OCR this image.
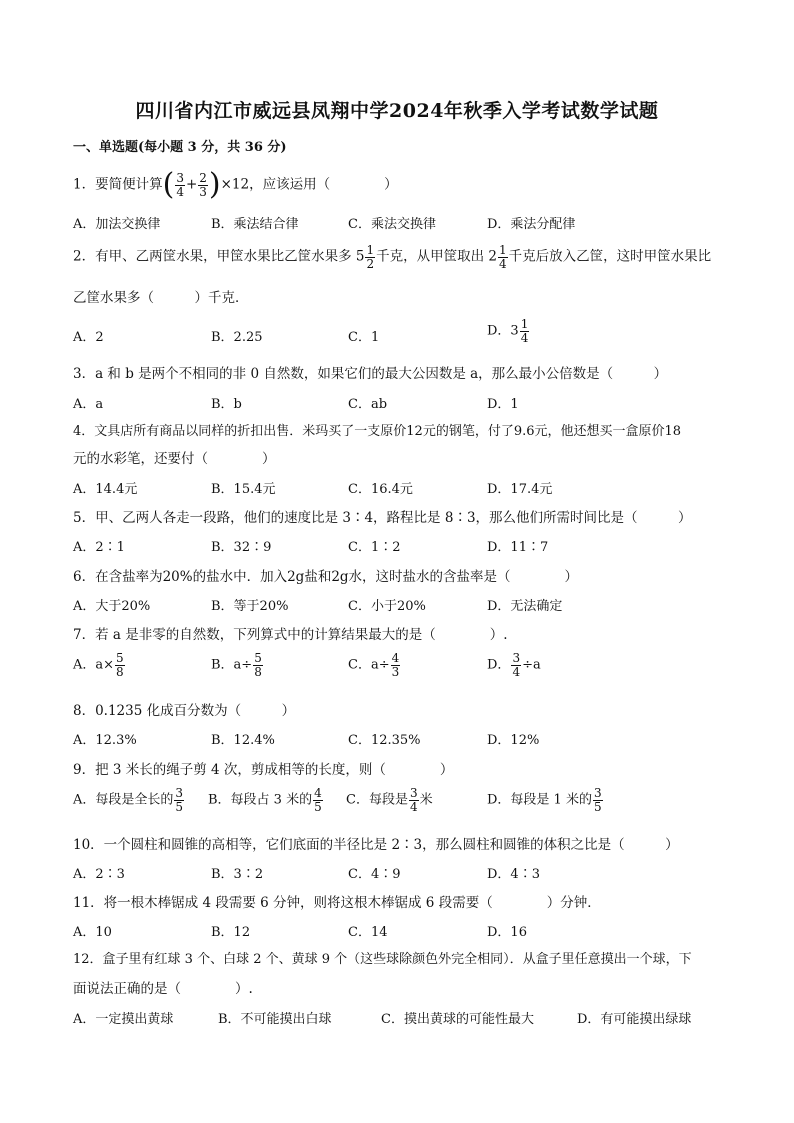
四川省内江市威远县凤翔中学2024年秋季入学考试数学试题
一、单选题(每小题 3 分，共 36 分)
1．要简便计算( $\frac{3}{4} + \frac{2}{3} )\times 12$，应该运用（　　　　）
A．加法交换律	B．乘法结合律	C．乘法交换律	D．乘法分配律
2．有甲、乙两筐水果，甲筐水果比乙筐水果多 $5 \frac{1}{2}$ 千克，从甲筐取出 $2 \frac{1}{4}$ 千克后放入乙筐，这时甲筐水果比
乙筐水果多（　　　）千克．
A．2	B．2.25	C．1	D．$3 \frac{1}{4}$
3．a 和 b 是两个不相同的非 0 自然数，如果它们的最大公因数是 a，那么最小公倍数是（　　　）
A．a	B．b	C．ab	D．1
4．文具店所有商品以同样的折扣出售．米玛买了一支原价12元的钢笔，付了9.6元，他还想买一盒原价18
元的水彩笔，还要付（　　　　）
A．14.4元	B．15.4元	C．16.4元	D．17.4元
5．甲、乙两人各走一段路，他们的速度比是 3∶4，路程比是 8∶3，那么他们所需时间比是（　　　）
A．2∶1	B．32∶9	C．1∶2	D．11∶7
6．在含盐率为20%的盐水中．加入2g盐和2g水，这时盐水的含盐率是（　　　　）
A．大于20%	B．等于20%	C．小于20%	D．无法确定
7．若 a 是非零的自然数，下列算式中的计算结果最大的是（　　　　）.
A．$a\times \frac{5}{8}$	B．$a\div \frac{5}{8}$	C．$a\div \frac{4}{3}$	D． $\frac{3}{4} \div a$
8．0.1235 化成百分数为（　　　）
A．12.3%	B．12.4%	C．12.35%	D．12%
9．把 3 米长的绳子剪 4 次，剪成相等的长度，则（　　　　）
A．每段是全长的 $\frac{3}{5}$ B．每段占 3 米的 $\frac{4}{5}$ C．每段是 $\frac{3}{4}$ 米	D．每段是 1 米的 $\frac{3}{5}$
10．一个圆柱和圆锥的高相等，它们底面的半径比是 2∶3，那么圆柱和圆锥的体积之比是（　　　）
A．2∶3	B．3∶2	C．4∶9	D．4∶3
11．将一根木棒锯成 4 段需要 6 分钟，则将这根木棒锯成 6 段需要（　　　　）分钟．
A．10	B．12	C．14	D．16
12．盒子里有红球 3 个、白球 2 个、黄球 9 个（这些球除颜色外完全相同）．从盒子里任意摸出一个球，下
面说法正确的是（　　　　）.
A．一定摸出黄球	B．不可能摸出白球	C．摸出黄球的可能性最大	D．有可能摸出绿球
